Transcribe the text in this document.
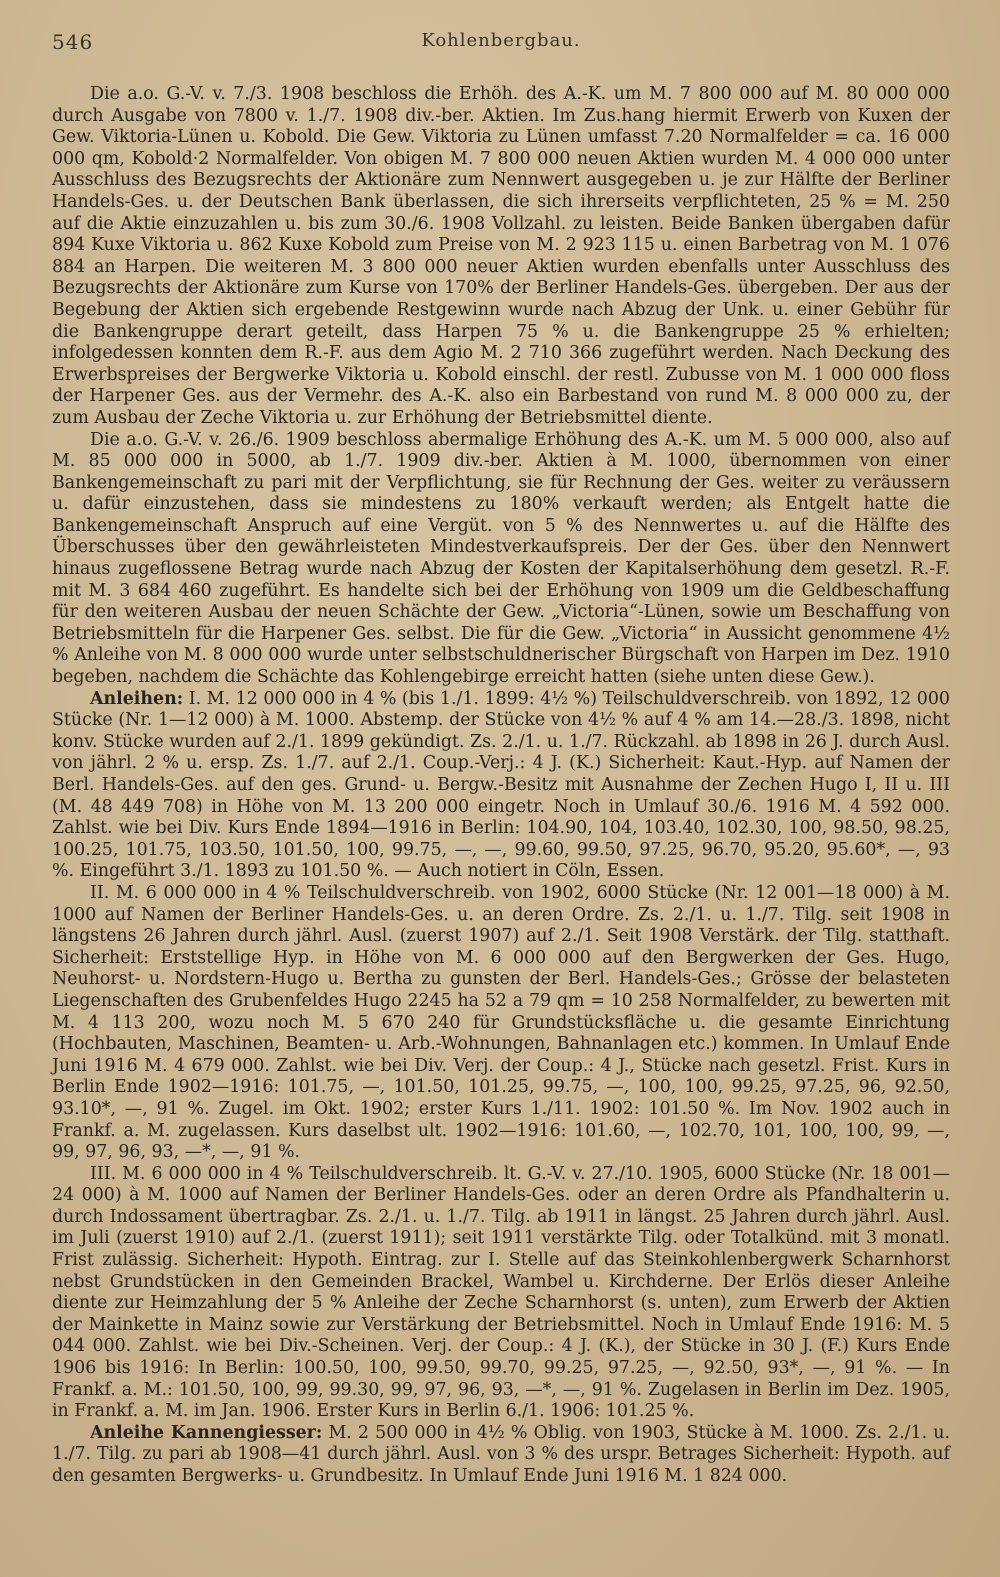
546	Kohlenbergbau.

Die a.o. G.-V. v. 7./3. 1908 beschloss die Erhöh. des A.-K. um M. 7 800 000 auf M. 80 000 000 durch Ausgabe von 7800 v. 1./7. 1908 div.-ber. Aktien. Im Zus.hang hiermit Erwerb von Kuxen der Gew. Viktoria-Lünen u. Kobold. Die Gew. Viktoria zu Lünen umfasst 7.20 Normalfelder = ca. 16 000 000 qm, Kobold·2 Normalfelder. Von obigen M. 7 800 000 neuen Aktien wurden M. 4 000 000 unter Ausschluss des Bezugsrechts der Aktionäre zum Nennwert ausgegeben u. je zur Hälfte der Berliner Handels-Ges. u. der Deutschen Bank überlassen, die sich ihrerseits verpflichteten, 25 % = M. 250 auf die Aktie einzuzahlen u. bis zum 30./6. 1908 Vollzahl. zu leisten. Beide Banken übergaben dafür 894 Kuxe Viktoria u. 862 Kuxe Kobold zum Preise von M. 2 923 115 u. einen Barbetrag von M. 1 076 884 an Harpen. Die weiteren M. 3 800 000 neuer Aktien wurden ebenfalls unter Ausschluss des Bezugsrechts der Aktionäre zum Kurse von 170% der Berliner Handels-Ges. übergeben. Der aus der Begebung der Aktien sich ergebende Restgewinn wurde nach Abzug der Unk. u. einer Gebühr für die Bankengruppe derart geteilt, dass Harpen 75 % u. die Bankengruppe 25 % erhielten; infolgedessen konnten dem R.-F. aus dem Agio M. 2 710 366 zugeführt werden. Nach Deckung des Erwerbspreises der Bergwerke Viktoria u. Kobold einschl. der restl. Zubusse von M. 1 000 000 floss der Harpener Ges. aus der Vermehr. des A.-K. also ein Barbestand von rund M. 8 000 000 zu, der zum Ausbau der Zeche Viktoria u. zur Erhöhung der Betriebsmittel diente.

Die a.o. G.-V. v. 26./6. 1909 beschloss abermalige Erhöhung des A.-K. um M. 5 000 000, also auf M. 85 000 000 in 5000, ab 1./7. 1909 div.-ber. Aktien à M. 1000, übernommen von einer Bankengemeinschaft zu pari mit der Verpflichtung, sie für Rechnung der Ges. weiter zu veräussern u. dafür einzustehen, dass sie mindestens zu 180% verkauft werden; als Entgelt hatte die Bankengemeinschaft Anspruch auf eine Vergüt. von 5 % des Nennwertes u. auf die Hälfte des Überschusses über den gewährleisteten Mindestverkaufspreis. Der der Ges. über den Nennwert hinaus zugeflossene Betrag wurde nach Abzug der Kosten der Kapitalserhöhung dem gesetzl. R.-F. mit M. 3 684 460 zugeführt. Es handelte sich bei der Erhöhung von 1909 um die Geldbeschaffung für den weiteren Ausbau der neuen Schächte der Gew. „Victoria“-Lünen, sowie um Beschaffung von Betriebsmitteln für die Harpener Ges. selbst. Die für die Gew. „Victoria“ in Aussicht genommene 4½ % Anleihe von M. 8 000 000 wurde unter selbstschuldnerischer Bürgschaft von Harpen im Dez. 1910 begeben, nachdem die Schächte das Kohlengebirge erreicht hatten (siehe unten diese Gew.).

Anleihen: I. M. 12 000 000 in 4 % (bis 1./1. 1899: 4½ %) Teilschuldverschreib. von 1892, 12 000 Stücke (Nr. 1—12 000) à M. 1000. Abstemp. der Stücke von 4½ % auf 4 % am 14.—28./3. 1898, nicht konv. Stücke wurden auf 2./1. 1899 gekündigt. Zs. 2./1. u. 1./7. Rückzahl. ab 1898 in 26 J. durch Ausl. von jährl. 2 % u. ersp. Zs. 1./7. auf 2./1. Coup.-Verj.: 4 J. (K.) Sicherheit: Kaut.-Hyp. auf Namen der Berl. Handels-Ges. auf den ges. Grund- u. Bergw.-Besitz mit Ausnahme der Zechen Hugo I, II u. III (M. 48 449 708) in Höhe von M. 13 200 000 eingetr. Noch in Umlauf 30./6. 1916 M. 4 592 000. Zahlst. wie bei Div. Kurs Ende 1894—1916 in Berlin: 104.90, 104, 103.40, 102.30, 100, 98.50, 98.25, 100.25, 101.75, 103.50, 101.50, 100, 99.75, —, —, 99.60, 99.50, 97.25, 96.70, 95.20, 95.60*, —, 93 %. Eingeführt 3./1. 1893 zu 101.50 %. — Auch notiert in Cöln, Essen.

II. M. 6 000 000 in 4 % Teilschuldverschreib. von 1902, 6000 Stücke (Nr. 12 001—18 000) à M. 1000 auf Namen der Berliner Handels-Ges. u. an deren Ordre. Zs. 2./1. u. 1./7. Tilg. seit 1908 in längstens 26 Jahren durch jährl. Ausl. (zuerst 1907) auf 2./1. Seit 1908 Verstärk. der Tilg. statthaft. Sicherheit: Erststellige Hyp. in Höhe von M. 6 000 000 auf den Bergwerken der Ges. Hugo, Neuhorst- u. Nordstern-Hugo u. Bertha zu gunsten der Berl. Handels-Ges.; Grösse der belasteten Liegenschaften des Grubenfeldes Hugo 2245 ha 52 a 79 qm = 10 258 Normalfelder, zu bewerten mit M. 4 113 200, wozu noch M. 5 670 240 für Grundstücksfläche u. die gesamte Einrichtung (Hochbauten, Maschinen, Beamten- u. Arb.-Wohnungen, Bahnanlagen etc.) kommen. In Umlauf Ende Juni 1916 M. 4 679 000. Zahlst. wie bei Div. Verj. der Coup.: 4 J., Stücke nach gesetzl. Frist. Kurs in Berlin Ende 1902—1916: 101.75, —, 101.50, 101.25, 99.75, —, 100, 100, 99.25, 97.25, 96, 92.50, 93.10*, —, 91 %. Zugel. im Okt. 1902; erster Kurs 1./11. 1902: 101.50 %. Im Nov. 1902 auch in Frankf. a. M. zugelassen. Kurs daselbst ult. 1902—1916: 101.60, —, 102.70, 101, 100, 100, 99, —, 99, 97, 96, 93, —*, —, 91 %.

III. M. 6 000 000 in 4 % Teilschuldverschreib. lt. G.-V. v. 27./10. 1905, 6000 Stücke (Nr. 18 001—24 000) à M. 1000 auf Namen der Berliner Handels-Ges. oder an deren Ordre als Pfandhalterin u. durch Indossament übertragbar. Zs. 2./1. u. 1./7. Tilg. ab 1911 in längst. 25 Jahren durch jährl. Ausl. im Juli (zuerst 1910) auf 2./1. (zuerst 1911); seit 1911 verstärkte Tilg. oder Totalkünd. mit 3 monatl. Frist zulässig. Sicherheit: Hypoth. Eintrag. zur I. Stelle auf das Steinkohlenbergwerk Scharnhorst nebst Grundstücken in den Gemeinden Brackel, Wambel u. Kirchderne. Der Erlös dieser Anleihe diente zur Heimzahlung der 5 % Anleihe der Zeche Scharnhorst (s. unten), zum Erwerb der Aktien der Mainkette in Mainz sowie zur Verstärkung der Betriebsmittel. Noch in Umlauf Ende 1916: M. 5 044 000. Zahlst. wie bei Div.-Scheinen. Verj. der Coup.: 4 J. (K.), der Stücke in 30 J. (F.) Kurs Ende 1906 bis 1916: In Berlin: 100.50, 100, 99.50, 99.70, 99.25, 97.25, —, 92.50, 93*, —, 91 %. — In Frankf. a. M.: 101.50, 100, 99, 99.30, 99, 97, 96, 93, —*, —, 91 %. Zugelasen in Berlin im Dez. 1905, in Frankf. a. M. im Jan. 1906. Erster Kurs in Berlin 6./1. 1906: 101.25 %.

Anleihe Kannengiesser: M. 2 500 000 in 4½ % Oblig. von 1903, Stücke à M. 1000. Zs. 2./1. u. 1./7. Tilg. zu pari ab 1908—41 durch jährl. Ausl. von 3 % des urspr. Betrages Sicherheit: Hypoth. auf den gesamten Bergwerks- u. Grundbesitz. In Umlauf Ende Juni 1916 M. 1 824 000.
